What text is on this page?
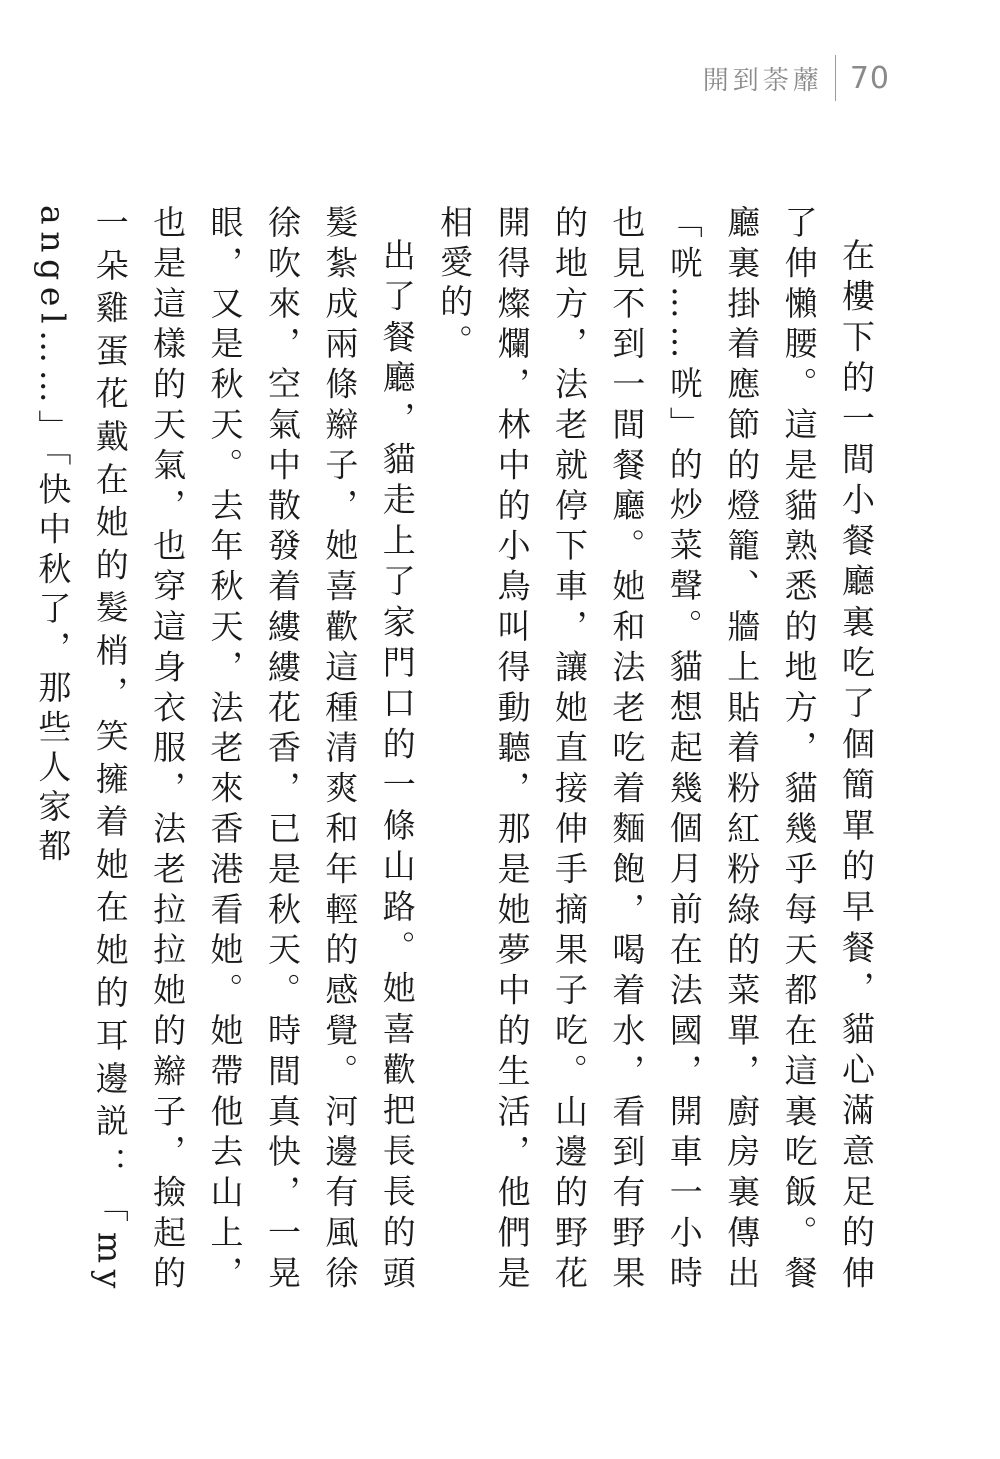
開到荼蘼 70

在樓下的一間小餐廳裏吃了個簡單的早餐，貓心滿意足的伸了伸懶腰。這是貓熟悉的地方，貓幾乎每天都在這裏吃飯。餐廳裏掛着應節的燈籠、牆上貼着粉紅粉綠的菜單，廚房裏傳出「咣……咣」的炒菜聲。貓想起幾個月前在法國，開車一小時也見不到一間餐廳。她和法老吃着麵飽，喝着水，看到有野果的地方，法老就停下車，讓她直接伸手摘果子吃。山邊的野花開得燦爛，林中的小鳥叫得動聽，那是她夢中的生活，他們是相愛的。

出了餐廳，貓走上了家門口的一條山路。她喜歡把長長的頭髮紮成兩條辮子，她喜歡這種清爽和年輕的感覺。河邊有風徐徐吹來，空氣中散發着縷縷花香，已是秋天。時間真快，一晃眼，又是秋天。去年秋天，法老來香港看她。她帶他去山上，也是這樣的天氣，也穿這身衣服，法老拉拉她的辮子，撿起的一朵雞蛋花戴在她的髮梢，笑擁着她在她的耳邊説：「my angel……」「快中秋了，那些人家都
